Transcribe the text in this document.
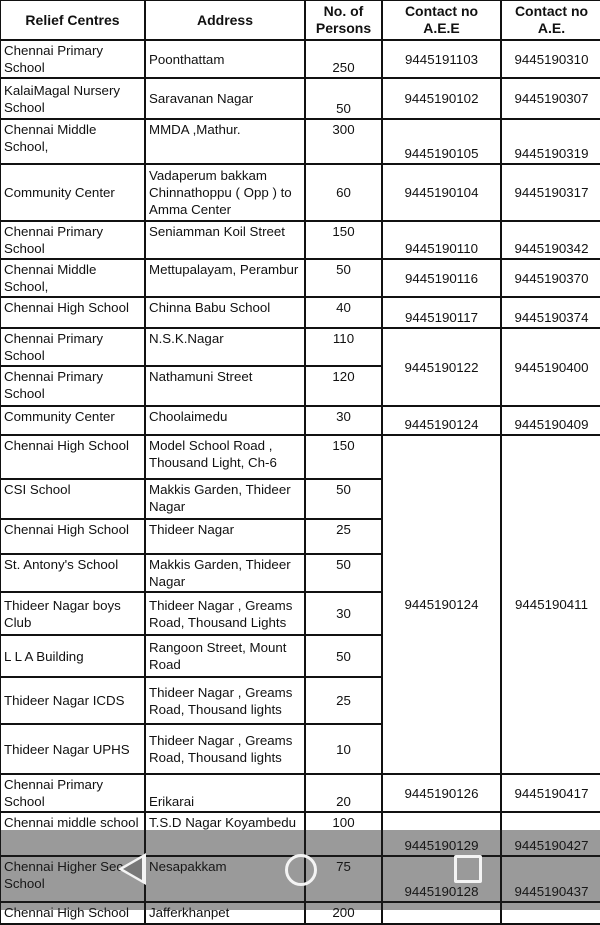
Relief Centres	Address	No. of Persons	Contact no A.E.E	Contact no A.E.
Chennai Primary School	Poonthattam	250	9445191103	9445190310
KalaiMagal Nursery School	Saravanan Nagar	50	9445190102	9445190307
Chennai Middle School,	MMDA ,Mathur.	300	9445190105	9445190319
Community Center	Vadaperum bakkam Chinnathoppu ( Opp ) to Amma Center	60	9445190104	9445190317
Chennai Primary School	Seniamman Koil Street	150	9445190110	9445190342
Chennai Middle School,	Mettupalayam, Perambur	50	9445190116	9445190370
Chennai High School	Chinna Babu School	40	9445190117	9445190374
Chennai Primary School	N.S.K.Nagar	110	9445190122	9445190400
Chennai Primary School	Nathamuni Street	120		
Community Center	Choolaimedu	30	9445190124	9445190409
Chennai High School	Model School Road , Thousand Light, Ch-6	150	9445190124	9445190411
CSI School	Makkis Garden, Thideer Nagar	50		
Chennai High School	Thideer Nagar	25		
St. Antony's School	Makkis Garden, Thideer Nagar	50		
Thideer Nagar boys Club	Thideer Nagar , Greams Road, Thousand Lights	30		
L L A Building	Rangoon Street, Mount Road	50		
Thideer Nagar ICDS	Thideer Nagar , Greams Road, Thousand lights	25		
Thideer Nagar UPHS	Thideer Nagar , Greams Road, Thousand lights	10		
Chennai Primary School	Erikarai	20	9445190126	9445190417
Chennai middle school	T.S.D Nagar Koyambedu	100	9445190129	9445190427
Chennai Higher Sec School	Nesapakkam	75	9445190128	9445190437
Chennai High School	Jafferkhanpet	200		
